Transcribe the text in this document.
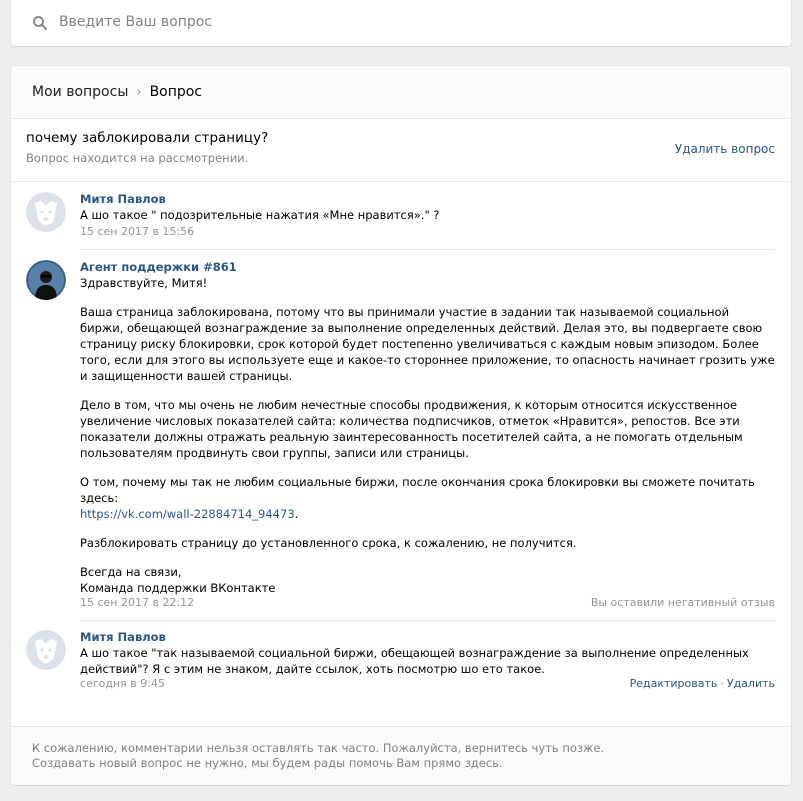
Введите Ваш вопрос
Мои вопросы › Вопрос
почему заблокировали страницу?
Вопрос находится на рассмотрении.
Удалить вопрос
Митя Павлов
А шо такое " подозрительные нажатия «Мне нравится»." ?
15 сен 2017 в 15:56
Агент поддержки #861

Здравствуйте, Митя!

Ваша страница заблокирована, потому что вы принимали участие в задании так называемой социальной биржи, обещающей вознаграждение за выполнение определенных действий. Делая это, вы подвергаете свою страницу риску блокировки, срок которой будет постепенно увеличиваться с каждым новым эпизодом. Более того, если для этого вы используете еще и какое-то стороннее приложение, то опасность начинает грозить уже и защищенности вашей страницы.

Дело в том, что мы очень не любим нечестные способы продвижения, к которым относится искусственное увеличение числовых показателей сайта: количества подписчиков, отметок «Нравится», репостов. Все эти показатели должны отражать реальную заинтересованность посетителей сайта, а не помогать отдельным пользователям продвинуть свои группы, записи или страницы.

О том, почему мы так не любим социальные биржи, после окончания срока блокировки вы сможете почитать здесь:
https://vk.com/wall-22884714_94473.

Разблокировать страницу до установленного срока, к сожалению, не получится.

Всегда на связи,
Команда поддержки ВКонтакте

15 сен 2017 в 22:12	Вы оставили негативный отзыв
Митя Павлов
А шо такое "так называемой социальной биржи, обещающей вознаграждение за выполнение определенных действий"? Я с этим не знаком, дайте ссылок, хоть посмотрю шо ето такое.
сегодня в 9:45	Редактировать · Удалить
К сожалению, комментарии нельзя оставлять так часто. Пожалуйста, вернитесь чуть позже.
Создавать новый вопрос не нужно, мы будем рады помочь Вам прямо здесь.
